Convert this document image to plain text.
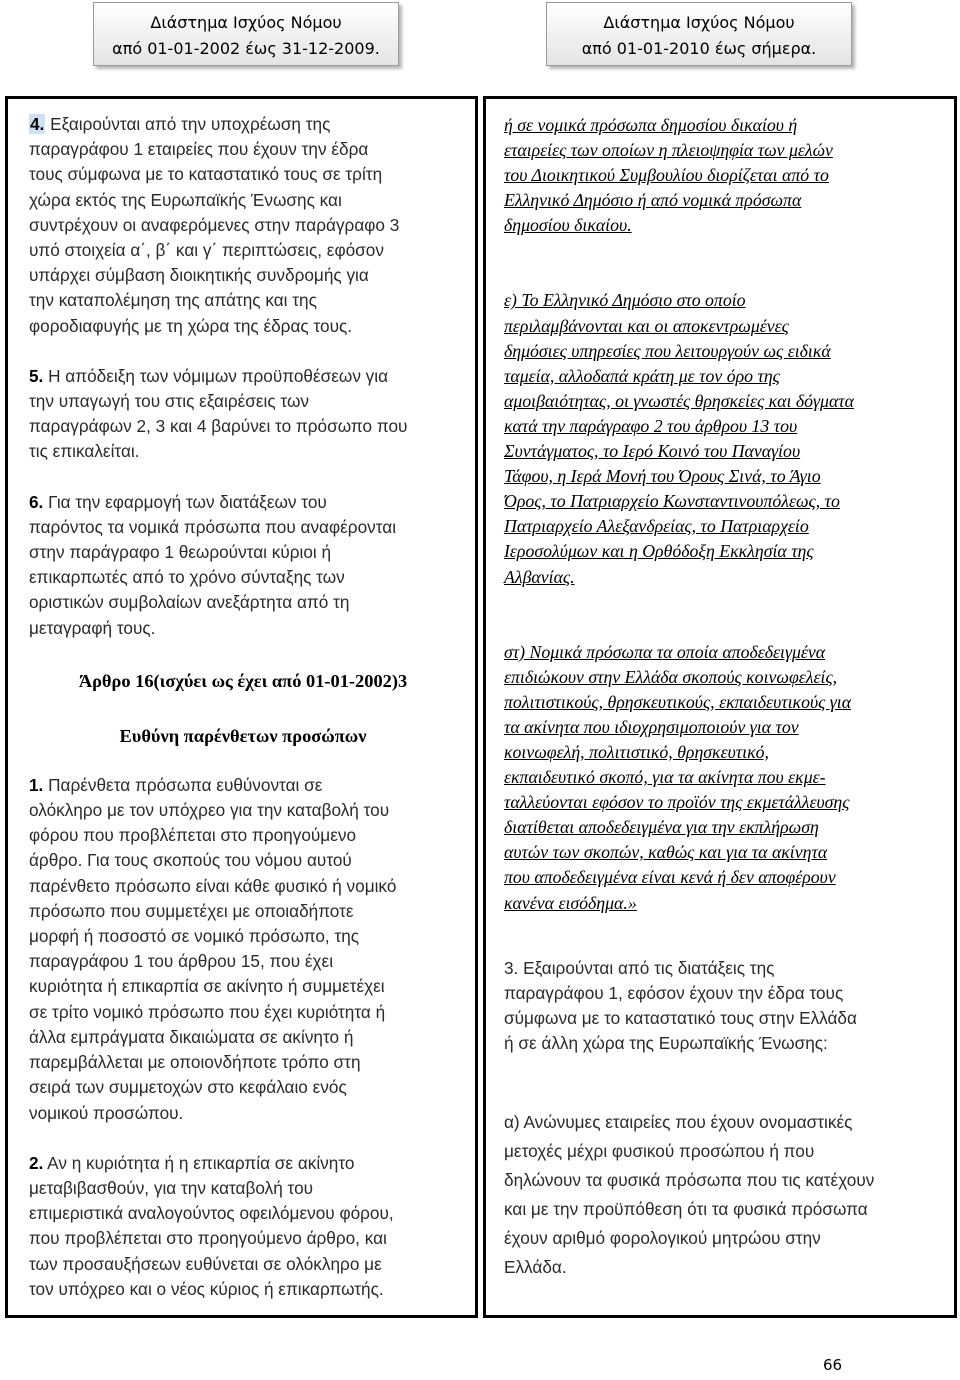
Διάστημα Ισχύος Νόμου
από 01-01-2002 έως 31-12-2009.
Διάστημα Ισχύος Νόμου
από 01-01-2010 έως σήμερα.

4. Εξαιρούνται από την υποχρέωση της
παραγράφου 1 εταιρείες που έχουν την έδρα
τους σύμφωνα με το καταστατικό τους σε τρίτη
χώρα εκτός της Ευρωπαϊκής Ένωσης και
συντρέχουν οι αναφερόμενες στην παράγραφο 3
υπό στοιχεία α΄, β΄ και γ΄ περιπτώσεις, εφόσον
υπάρχει σύμβαση διοικητικής συνδρομής για
την καταπολέμηση της απάτης και της
φοροδιαφυγής με τη χώρα της έδρας τους.

5. Η απόδειξη των νόμιμων προϋποθέσεων για
την υπαγωγή του στις εξαιρέσεις των
παραγράφων 2, 3 και 4 βαρύνει το πρόσωπο που
τις επικαλείται.

6. Για την εφαρμογή των διατάξεων του
παρόντος τα νομικά πρόσωπα που αναφέρονται
στην παράγραφο 1 θεωρούνται κύριοι ή
επικαρπωτές από το χρόνο σύνταξης των
οριστικών συμβολαίων ανεξάρτητα από τη
μεταγραφή τους.

Άρθρο 16(ισχύει ως έχει από 01-01-2002)3

Ευθύνη παρένθετων προσώπων

1. Παρένθετα πρόσωπα ευθύνονται σε
ολόκληρο με τον υπόχρεο για την καταβολή του
φόρου που προβλέπεται στο προηγούμενο
άρθρο. Για τους σκοπούς του νόμου αυτού
παρένθετο πρόσωπο είναι κάθε φυσικό ή νομικό
πρόσωπο που συμμετέχει με οποιαδήποτε
μορφή ή ποσοστό σε νομικό πρόσωπο, της
παραγράφου 1 του άρθρου 15, που έχει
κυριότητα ή επικαρπία σε ακίνητο ή συμμετέχει
σε τρίτο νομικό πρόσωπο που έχει κυριότητα ή
άλλα εμπράγματα δικαιώματα σε ακίνητο ή
παρεμβάλλεται με οποιονδήποτε τρόπο στη
σειρά των συμμετοχών στο κεφάλαιο ενός
νομικού προσώπου.

2. Αν η κυριότητα ή η επικαρπία σε ακίνητο
μεταβιβασθούν, για την καταβολή του
επιμεριστικά αναλογούντος οφειλόμενου φόρου,
που προβλέπεται στο προηγούμενο άρθρο, και
των προσαυξήσεων ευθύνεται σε ολόκληρο με
τον υπόχρεο και ο νέος κύριος ή επικαρπωτής.

ή σε νομικά πρόσωπα δημοσίου δικαίου ή
εταιρείες των οποίων η πλειοψηφία των μελών
του Διοικητικού Συμβουλίου διορίζεται από το
Ελληνικό Δημόσιο ή από νομικά πρόσωπα
δημοσίου δικαίου.

ε) Το Ελληνικό Δημόσιο στο οποίο
περιλαμβάνονται και οι αποκεντρωμένες
δημόσιες υπηρεσίες που λειτουργούν ως ειδικά
ταμεία, αλλοδαπά κράτη με τον όρο της
αμοιβαιότητας, οι γνωστές θρησκείες και δόγματα
κατά την παράγραφο 2 του άρθρου 13 του
Συντάγματος, το Ιερό Κοινό του Παναγίου
Τάφου, η Ιερά Μονή του Όρους Σινά, το Άγιο
Όρος, το Πατριαρχείο Κωνσταντινουπόλεως, το
Πατριαρχείο Αλεξανδρείας, το Πατριαρχείο
Ιεροσολύμων και η Ορθόδοξη Εκκλησία της
Αλβανίας.

στ) Νομικά πρόσωπα τα οποία αποδεδειγμένα
επιδιώκουν στην Ελλάδα σκοπούς κοινωφελείς,
πολιτιστικούς, θρησκευτικούς, εκπαιδευτικούς για
τα ακίνητα που ιδιοχρησιμοποιούν για τον
κοινωφελή, πολιτιστικό, θρησκευτικό,
εκπαιδευτικό σκοπό, για τα ακίνητα που εκμε-
ταλλεύονται εφόσον το προϊόν της εκμετάλλευσης
διατίθεται αποδεδειγμένα για την εκπλήρωση
αυτών των σκοπών, καθώς και για τα ακίνητα
που αποδεδειγμένα είναι κενά ή δεν αποφέρουν
κανένα εισόδημα.»

3. Εξαιρούνται από τις διατάξεις της
παραγράφου 1, εφόσον έχουν την έδρα τους
σύμφωνα με το καταστατικό τους στην Ελλάδα
ή σε άλλη χώρα της Ευρωπαϊκής Ένωσης:

α) Ανώνυμες εταιρείες που έχουν ονομαστικές
μετοχές μέχρι φυσικού προσώπου ή που
δηλώνουν τα φυσικά πρόσωπα που τις κατέχουν
και με την προϋπόθεση ότι τα φυσικά πρόσωπα
έχουν αριθμό φορολογικού μητρώου στην
Ελλάδα.

66
